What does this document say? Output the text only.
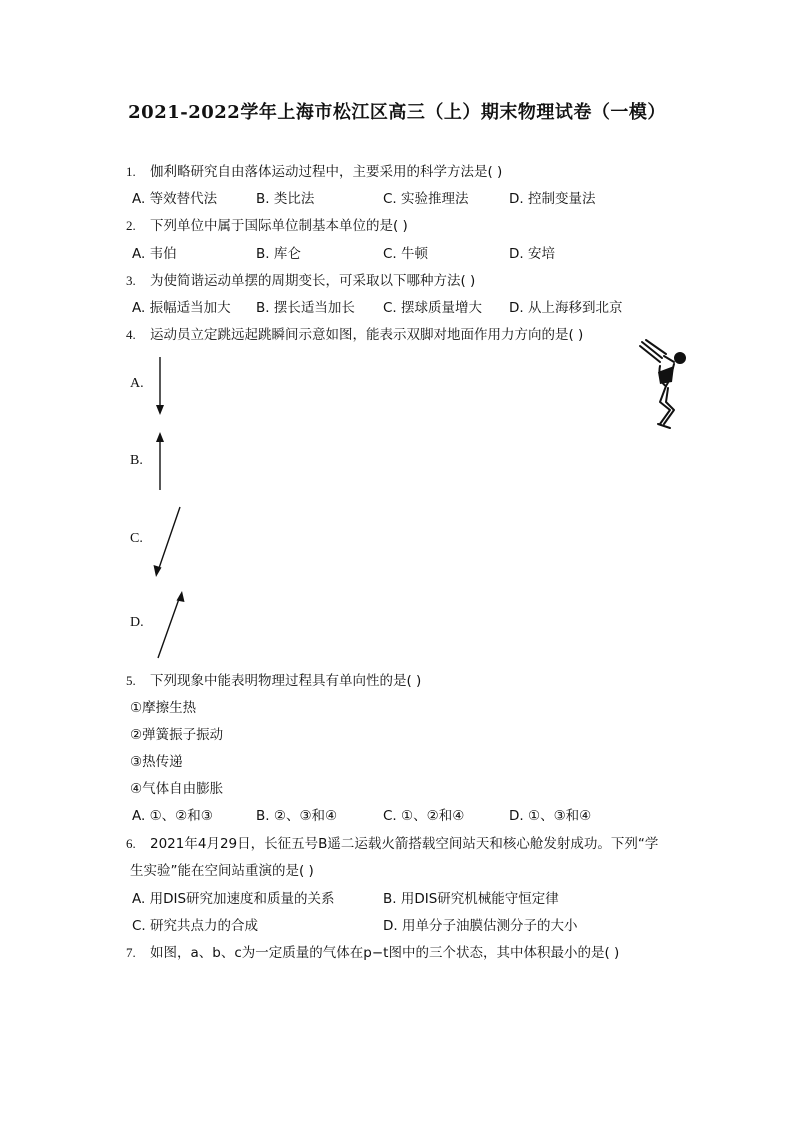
2021-2022学年上海市松江区高三（上）期末物理试卷（一模）
1. 伽利略研究自由落体运动过程中，主要采用的科学方法是( )
A. 等效替代法	B. 类比法	C. 实验推理法	D. 控制变量法
2. 下列单位中属于国际单位制基本单位的是( )
A. 韦伯	B. 库仑	C. 牛顿	D. 安培
3. 为使简谐运动单摆的周期变长，可采取以下哪种方法( )
A. 振幅适当加大 B. 摆长适当加长 C. 摆球质量增大 D. 从上海移到北京
4. 运动员立定跳远起跳瞬间示意如图，能表示双脚对地面作用力方向的是( )
A.
B.
C.
D.
5. 下列现象中能表明物理过程具有单向性的是( )
①摩擦生热
②弹簧振子振动
③热传递
④气体自由膨胀
A. ①、②和③	B. ②、③和④	C. ①、②和④	D. ①、③和④
6. 2021年4月29日，长征五号B遥二运载火箭搭载空间站天和核心舱发射成功。下列“学
生实验”能在空间站重演的是( )
A. 用DIS研究加速度和质量的关系	B. 用DIS研究机械能守恒定律
C. 研究共点力的合成	D. 用单分子油膜估测分子的大小
7. 如图，a、b、c为一定质量的气体在p−t图中的三个状态，其中体积最小的是( )
